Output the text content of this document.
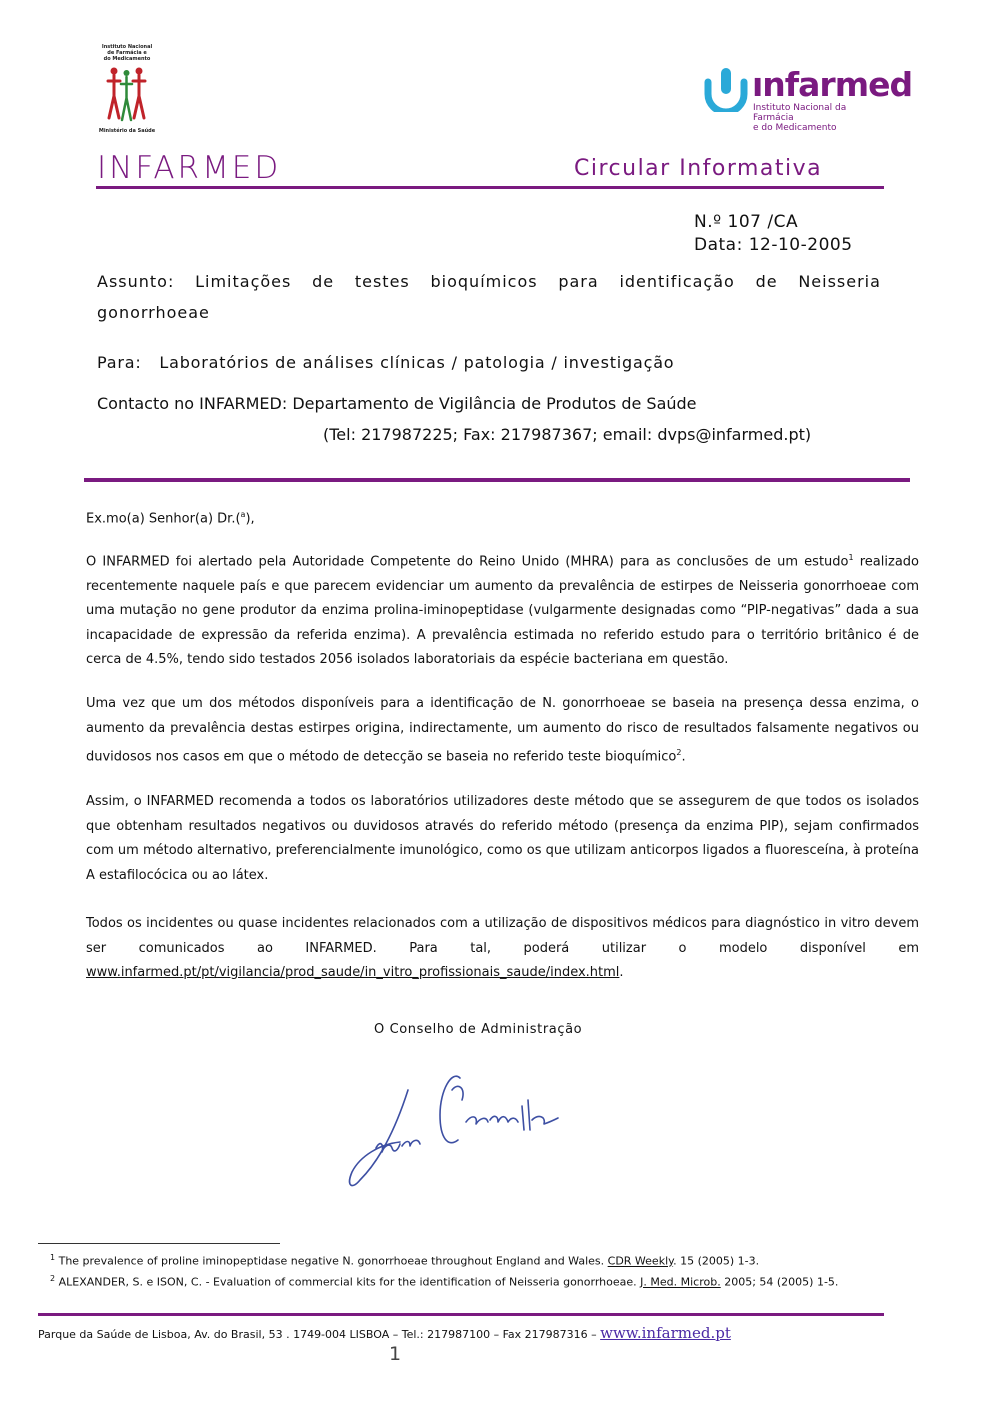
Instituto Nacional
de Farmácia e
do Medicamento
Ministério da Saúde
ınfarmed
Instituto Nacional da Farmácia
e do Medicamento
INFARMED	Circular Informativa
N.º 107 /CA
Data: 12-10-2005
Assunto: Limitações de testes bioquímicos para identificação de Neisseria
gonorrhoeae
Para: Laboratórios de análises clínicas / patologia / investigação
Contacto no INFARMED: Departamento de Vigilância de Produtos de Saúde
(Tel: 217987225; Fax: 217987367; email: dvps@infarmed.pt)
Ex.mo(a) Senhor(a) Dr.($^a$),
O INFARMED foi alertado pela Autoridade Competente do Reino Unido (MHRA) para as conclusões de um estudo$^1$ realizado recentemente naquele país e que parecem evidenciar um aumento da prevalência de estirpes de Neisseria gonorrhoeae com uma mutação no gene produtor da enzima prolina-iminopeptidase (vulgarmente designadas como “PIP-negativas” dada a sua incapacidade de expressão da referida enzima). A prevalência estimada no referido estudo para o território britânico é de cerca de 4.5%, tendo sido testados 2056 isolados laboratoriais da espécie bacteriana em questão.
Uma vez que um dos métodos disponíveis para a identificação de N. gonorrhoeae se baseia na presença dessa enzima, o aumento da prevalência destas estirpes origina, indirectamente, um aumento do risco de resultados falsamente negativos ou duvidosos nos casos em que o método de detecção se baseia no referido teste bioquímico$^2$.
Assim, o INFARMED recomenda a todos os laboratórios utilizadores deste método que se assegurem de que todos os isolados que obtenham resultados negativos ou duvidosos através do referido método (presença da enzima PIP), sejam confirmados com um método alternativo, preferencialmente imunológico, como os que utilizam anticorpos ligados a fluoresceína, à proteína A estafilocócica ou ao látex.
Todos os incidentes ou quase incidentes relacionados com a utilização de dispositivos médicos para diagnóstico in vitro devem ser comunicados ao INFARMED. Para tal, poderá utilizar o modelo disponível em www.infarmed.pt/pt/vigilancia/prod_saude/in_vitro_profissionais_saude/index.html.
O Conselho de Administração
$^1$ The prevalence of proline iminopeptidase negative N. gonorrhoeae throughout England and Wales. CDR Weekly. 15 (2005) 1-3.
$^2$ ALEXANDER, S. e ISON, C. - Evaluation of commercial kits for the identification of Neisseria gonorrhoeae. J. Med. Microb. 2005; 54 (2005) 1-5.
Parque da Saúde de Lisboa, Av. do Brasil, 53 . 1749-004 LISBOA – Tel.: 217987100 – Fax 217987316 – www.infarmed.pt
1
